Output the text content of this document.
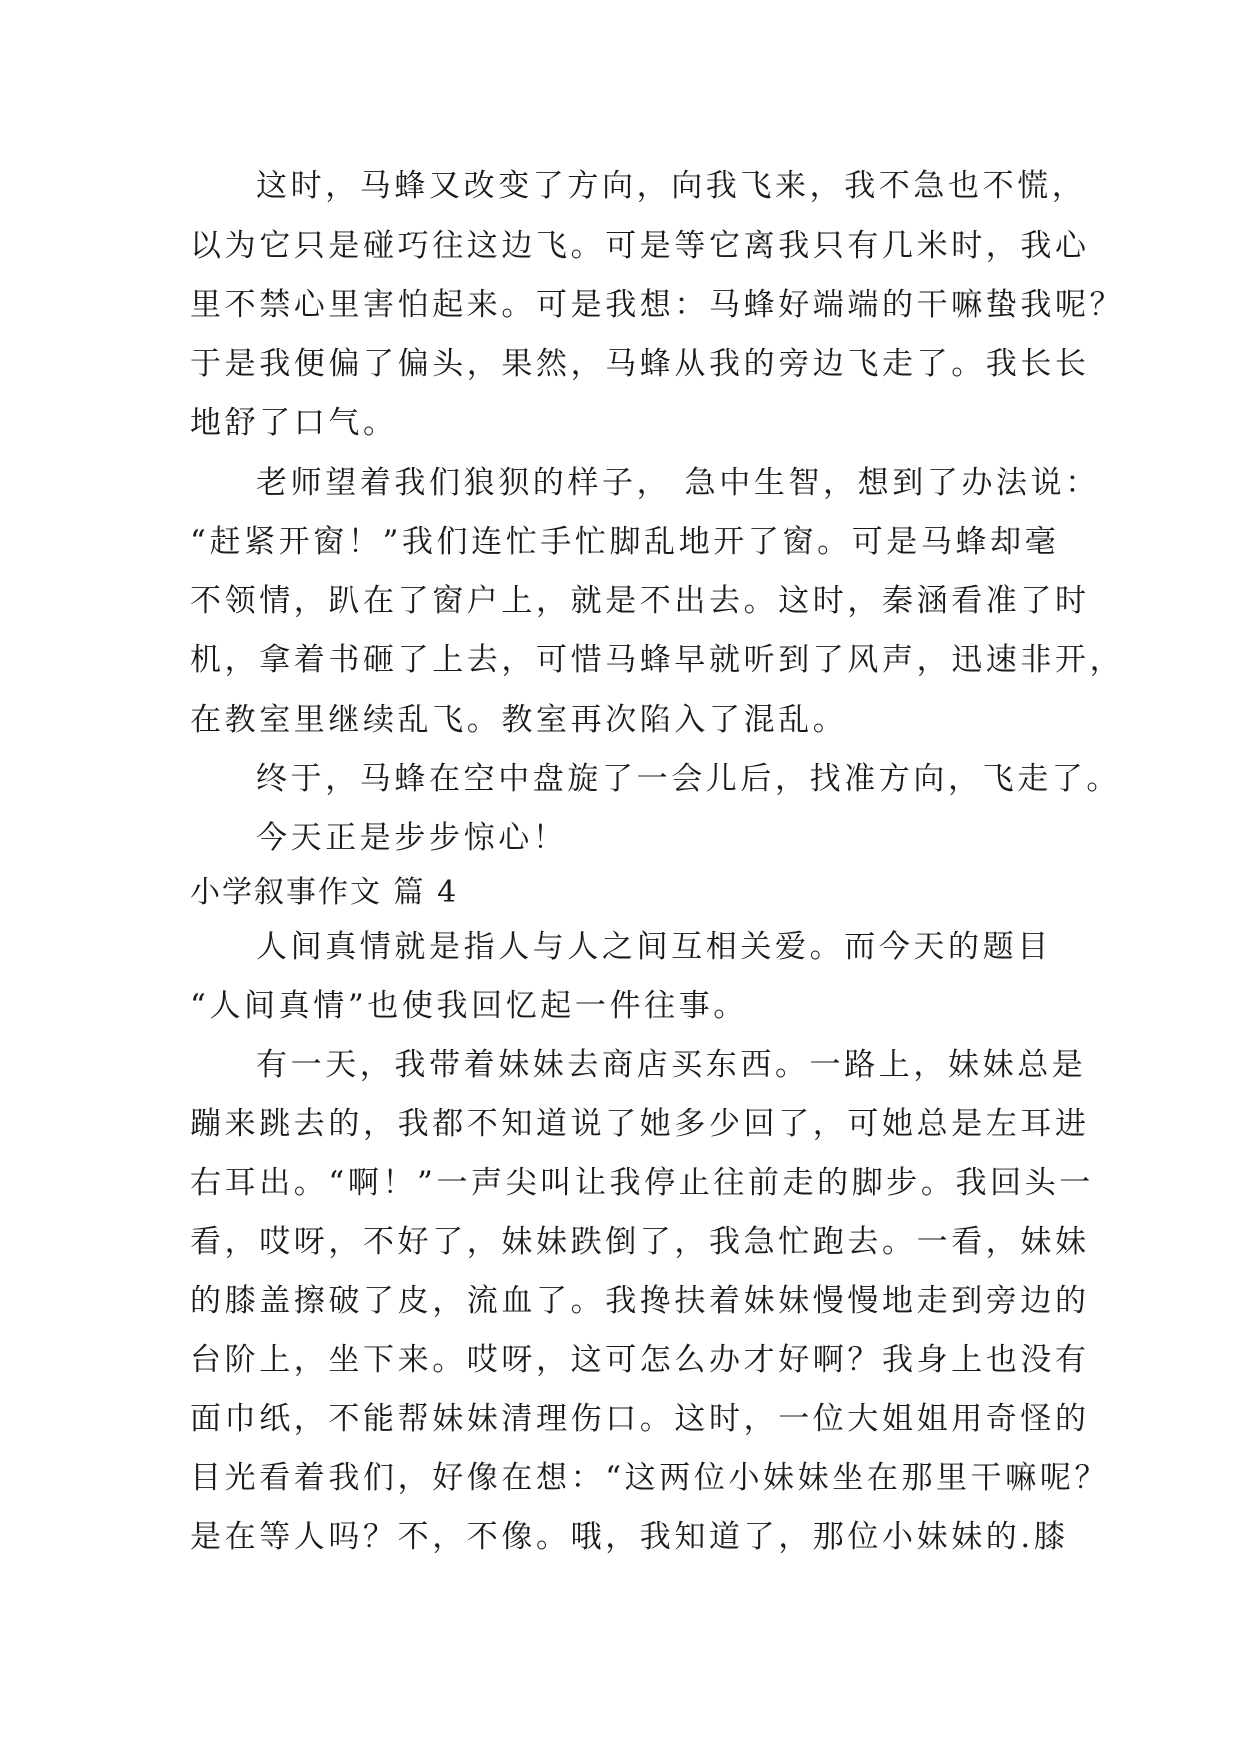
这时，马蜂又改变了方向，向我飞来，我不急也不慌，
以为它只是碰巧往这边飞。可是等它离我只有几米时，我心
里不禁心里害怕起来。可是我想：马蜂好端端的干嘛蛰我呢？
于是我便偏了偏头，果然，马蜂从我的旁边飞走了。我长长
地舒了口气。
老师望着我们狼狈的样子， 急中生智，想到了办法说：
“赶紧开窗！”我们连忙手忙脚乱地开了窗。可是马蜂却毫
不领情，趴在了窗户上，就是不出去。这时，秦涵看准了时
机，拿着书砸了上去，可惜马蜂早就听到了风声，迅速非开，
在教室里继续乱飞。教室再次陷入了混乱。
终于，马蜂在空中盘旋了一会儿后，找准方向，飞走了。
今天正是步步惊心！
小学叙事作文 篇 4
人间真情就是指人与人之间互相关爱。而今天的题目
“人间真情”也使我回忆起一件往事。
有一天，我带着妹妹去商店买东西。一路上，妹妹总是
蹦来跳去的，我都不知道说了她多少回了，可她总是左耳进
右耳出。“啊！”一声尖叫让我停止往前走的脚步。我回头一
看，哎呀，不好了，妹妹跌倒了，我急忙跑去。一看，妹妹
的膝盖擦破了皮，流血了。我搀扶着妹妹慢慢地走到旁边的
台阶上，坐下来。哎呀，这可怎么办才好啊？我身上也没有
面巾纸，不能帮妹妹清理伤口。这时，一位大姐姐用奇怪的
目光看着我们，好像在想：“这两位小妹妹坐在那里干嘛呢？
是在等人吗？不，不像。哦，我知道了，那位小妹妹的.膝
